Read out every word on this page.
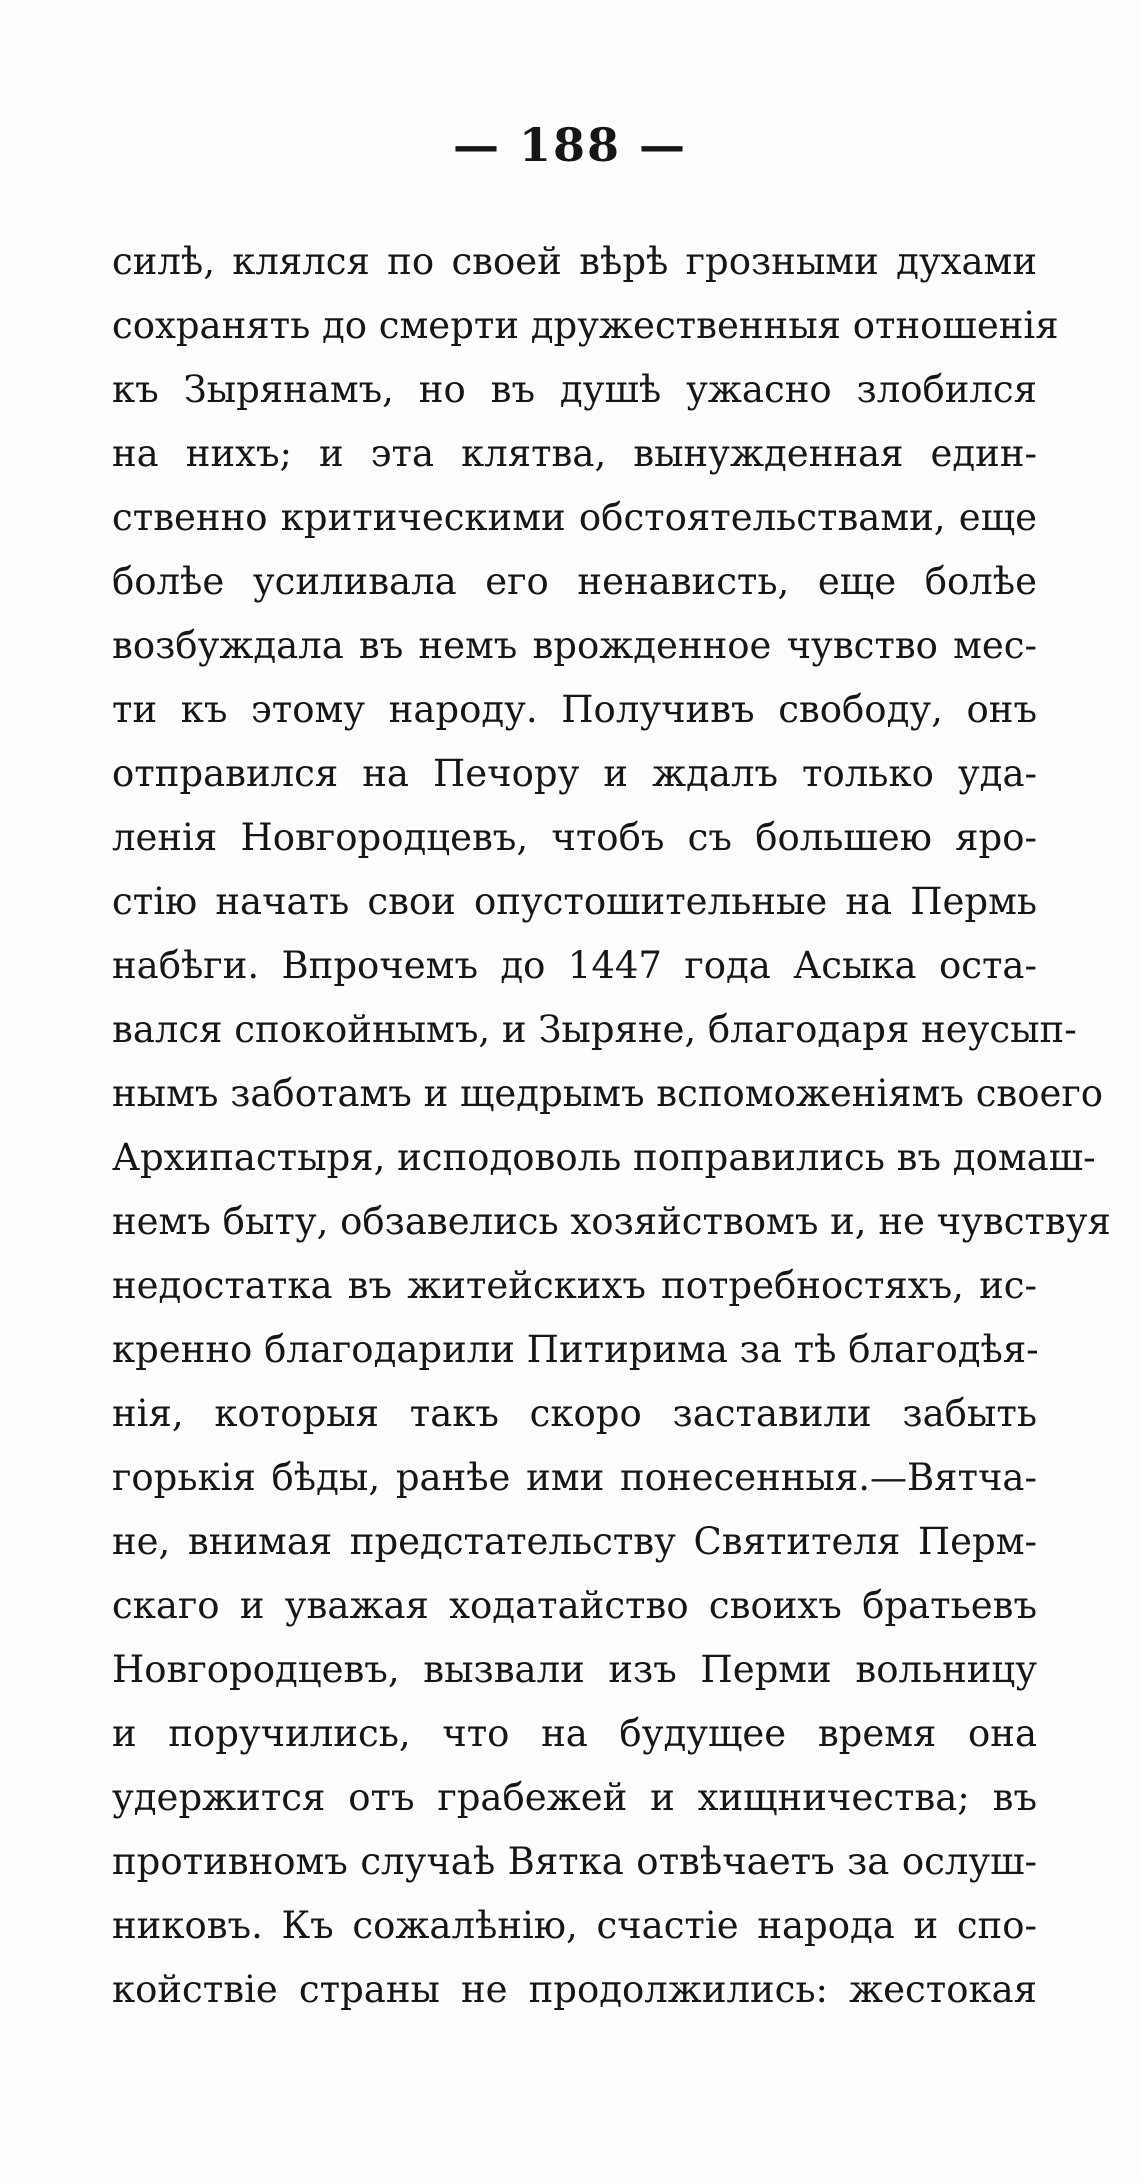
— 188 —
силѣ, клялся по своей вѣрѣ грозными духами
сохранять до смерти дружественныя отношенія
къ Зырянамъ, но въ душѣ ужасно злобился
на нихъ; и эта клятва, вынужденная един-
ственно критическими обстоятельствами, еще
болѣе усиливала его ненависть, еще болѣе
возбуждала въ немъ врожденное чувство мес-
ти къ этому народу. Получивъ свободу, онъ
отправился на Печору и ждалъ только уда-
ленія Новгородцевъ, чтобъ съ большею яро-
стію начать свои опустошительные на Пермь
набѣги. Впрочемъ до 1447 года Асыка оста-
вался спокойнымъ, и Зыряне, благодаря неусып-
нымъ заботамъ и щедрымъ вспоможеніямъ своего
Архипастыря, исподоволь поправились въ домаш-
немъ быту, обзавелись хозяйствомъ и, не чувствуя
недостатка въ житейскихъ потребностяхъ, ис-
кренно благодарили Питирима за тѣ благодѣя-
нія, которыя такъ скоро заставили забыть
горькія бѣды, ранѣе ими понесенныя.—Вятча-
не, внимая предстательству Святителя Перм-
скаго и уважая ходатайство своихъ братьевъ
Новгородцевъ, вызвали изъ Перми вольницу
и поручились, что на будущее время она
удержится отъ грабежей и хищничества; въ
противномъ случаѣ Вятка отвѣчаетъ за ослуш-
никовъ. Къ сожалѣнію, счастіе народа и спо-
койствіе страны не продолжились: жестокая
